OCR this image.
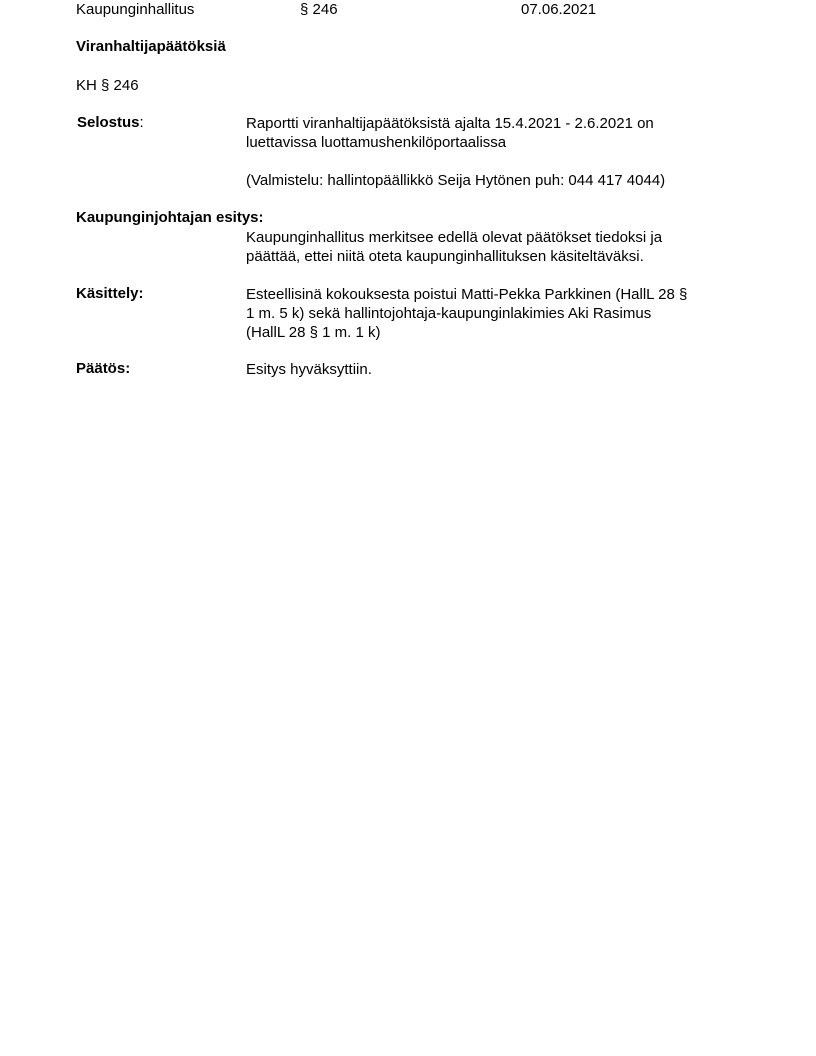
Kaupunginhallitus	§ 246	07.06.2021
Viranhaltijapäätöksiä
KH § 246
Selostus:	Raportti viranhaltijapäätöksistä ajalta 15.4.2021 - 2.6.2021 on
luettavissa luottamushenkilöportaalissa
(Valmistelu: hallintopäällikkö Seija Hytönen puh: 044 417 4044)
Kaupunginjohtajan esitys:
Kaupunginhallitus merkitsee edellä olevat päätökset tiedoksi ja
päättää, ettei niitä oteta kaupunginhallituksen käsiteltäväksi.
Käsittely:	Esteellisinä kokouksesta poistui Matti-Pekka Parkkinen (HallL 28 §
1 m. 5 k) sekä hallintojohtaja-kaupunginlakimies Aki Rasimus
(HallL 28 § 1 m. 1 k)
Päätös:	Esitys hyväksyttiin.
